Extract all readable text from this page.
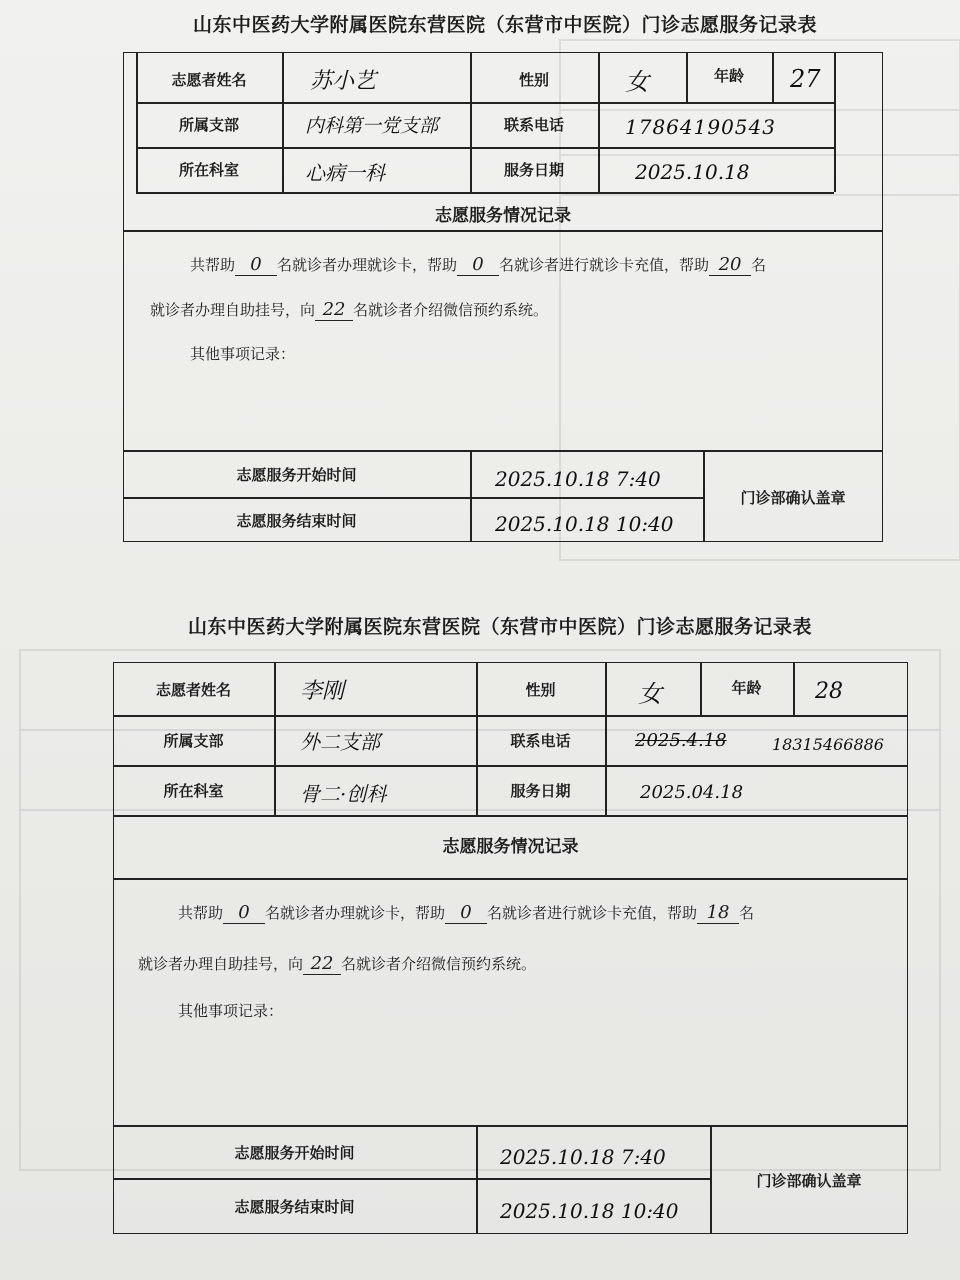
山东中医药大学附属医院东营医院（东营市中医院）门诊志愿服务记录表
志愿者姓名	苏小艺	性别	女	年龄	27
所属支部	内科第一党支部	联系电话	17864190543
所在科室	心病一科	服务日期	2025.10.18
志愿服务情况记录
共帮助 0 名就诊者办理就诊卡，帮助 0 名就诊者进行就诊卡充值，帮助 20 名
就诊者办理自助挂号，向 22 名就诊者介绍微信预约系统。
其他事项记录：
志愿服务开始时间	2025.10.18 7:40
志愿服务结束时间	2025.10.18 10:40
门诊部确认盖章
山东中医药大学附属医院东营医院（东营市中医院）门诊志愿服务记录表
志愿者姓名	李刚	性别	女	年龄	28
所属支部	外二支部	联系电话	2025.4.18	18315466886
所在科室	骨二·创科	服务日期	2025.04.18
志愿服务情况记录
共帮助 0 名就诊者办理就诊卡，帮助 0 名就诊者进行就诊卡充值，帮助 18 名
就诊者办理自助挂号，向 22 名就诊者介绍微信预约系统。
其他事项记录：
志愿服务开始时间	2025.10.18 7:40
志愿服务结束时间	2025.10.18 10:40
门诊部确认盖章
